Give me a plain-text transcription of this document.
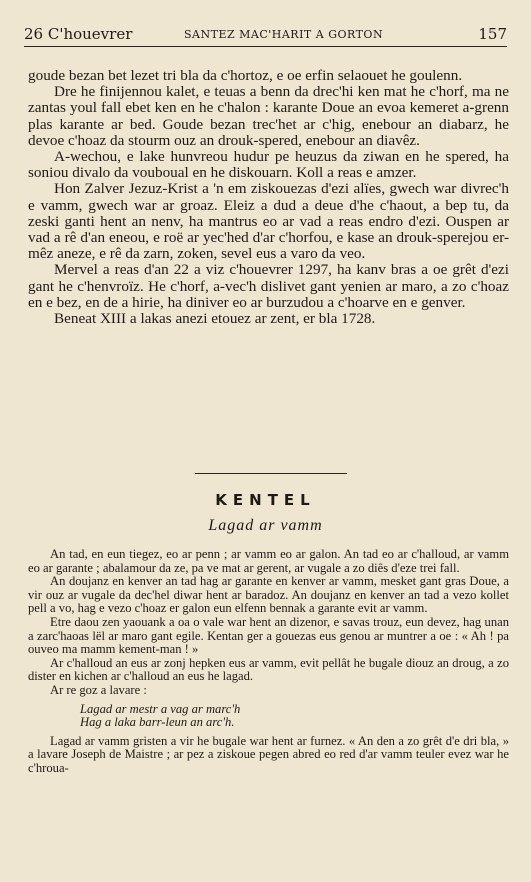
26 C'houevrer	SANTEZ MAC'HARIT A GORTON	157

goude bezan bet lezet tri bla da c'hortoz, e oe erfin selaouet he goulenn.

Dre he finijennou kalet, e teuas a benn da drec'hi ken mat he c'horf, ma ne zantas youl fall ebet ken en he c'halon : karante Doue an evoa kemeret a-grenn plas karante ar bed. Goude bezan trec'het ar c'hig, enebour an diabarz, he devoe c'hoaz da stourm ouz an drouk-spered, enebour an diavêz.

A-wechou, e lake hunvreou hudur pe heuzus da ziwan en he spered, ha soniou divalo da vouboual en he diskouarn. Koll a reas e amzer.

Hon Zalver Jezuz-Krist a 'n em ziskouezas d'ezi alïes, gwech war divrec'h e vamm, gwech war ar groaz. Eleiz a dud a deue d'he c'haout, a bep tu, da zeski ganti hent an nenv, ha mantrus eo ar vad a reas endro d'ezi. Ouspen ar vad a rê d'an eneou, e roë ar yec'hed d'ar c'horfou, e kase an drouk-sperejou er-mêz aneze, e rê da zarn, zoken, sevel eus a varo da veo.

Mervel a reas d'an 22 a viz c'houevrer 1297, ha kanv bras a oe grêt d'ezi gant he c'henvroïz. He c'horf, a-vec'h dislivet gant yenien ar maro, a zo c'hoaz en e bez, en de a hirie, ha diniver eo ar burzudou a c'hoarve en e genver.

Beneat XIII a lakas anezi etouez ar zent, er bla 1728.

KENTEL
Lagad ar vamm

An tad, en eun tiegez, eo ar penn ; ar vamm eo ar galon. An tad eo ar c'halloud, ar vamm eo ar garante ; abalamour da ze, pa ve mat ar gerent, ar vugale a zo diês d'eze trei fall.

An doujanz en kenver an tad hag ar garante en kenver ar vamm, mesket gant gras Doue, a vir ouz ar vugale da dec'hel diwar hent ar baradoz. An doujanz en kenver an tad a vezo kollet pell a vo, hag e vezo c'hoaz er galon eun elfenn bennak a garante evit ar vamm.

Etre daou zen yaouank a oa o vale war hent an dizenor, e savas trouz, eun devez, hag unan a zarc'haoas lël ar maro gant egile. Kentan ger a gouezas eus genou ar muntrer a oe : « Ah ! pa ouveo ma mamm kement-man ! »

Ar c'halloud an eus ar zonj hepken eus ar vamm, evit pellât he bugale diouz an droug, a zo dister en kichen ar c'halloud an eus he lagad.

Ar re goz a lavare :

Lagad ar mestr a vag ar marc'h

Hag a laka barr-leun an arc'h.

Lagad ar vamm gristen a vir he bugale war hent ar furnez. « An den a zo grêt d'e dri bla, » a lavare Joseph de Maistre ; ar pez a ziskoue pegen abred eo red d'ar vamm teuler evez war he c'hroua-
